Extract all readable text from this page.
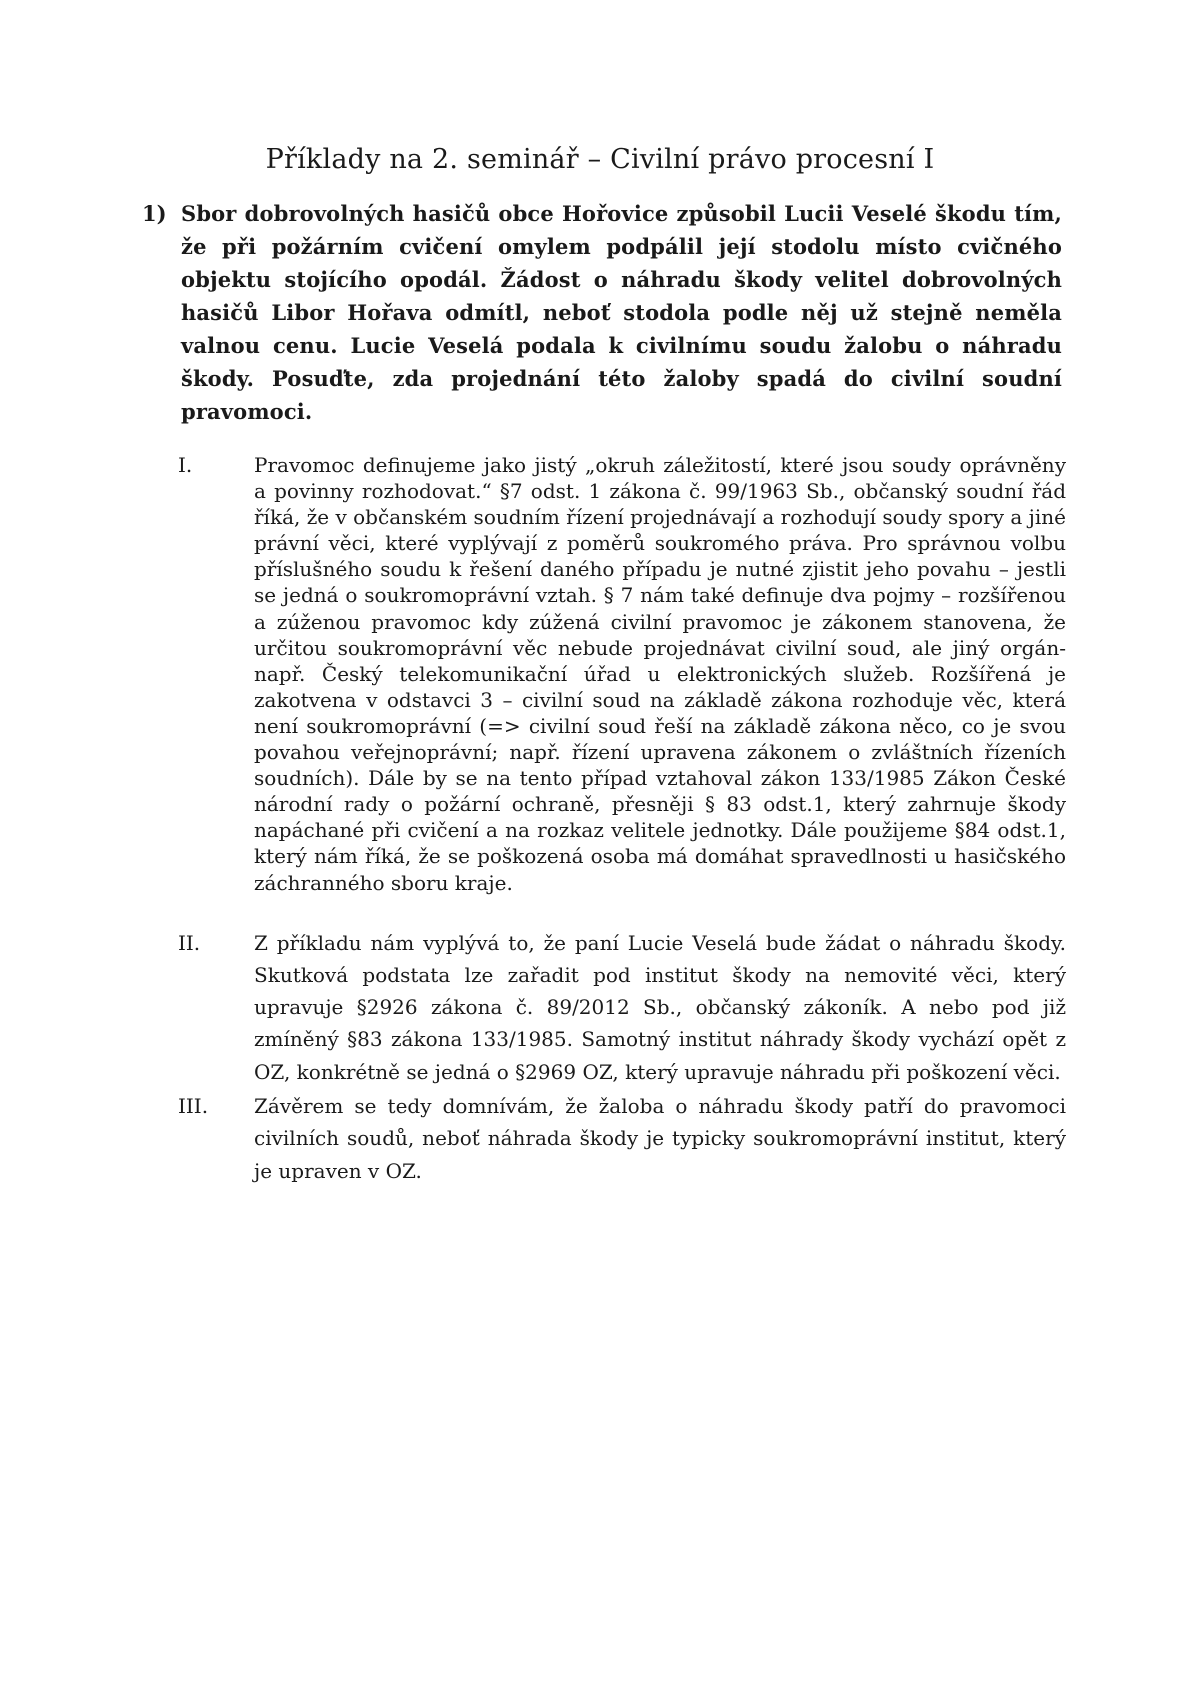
Příklady na 2. seminář – Civilní právo procesní I
1) Sbor dobrovolných hasičů obce Hořovice způsobil Lucii Veselé škodu tím, že při požárním cvičení omylem podpálil její stodolu místo cvičného objektu stojícího opodál. Žádost o náhradu škody velitel dobrovolných hasičů Libor Hořava odmítl, neboť stodola podle něj už stejně neměla valnou cenu. Lucie Veselá podala k civilnímu soudu žalobu o náhradu škody. Posuďte, zda projednání této žaloby spadá do civilní soudní pravomoci.
I.	Pravomoc definujeme jako jistý „okruh záležitostí, které jsou soudy oprávněny a povinny rozhodovat.“ §7 odst. 1 zákona č. 99/1963 Sb., občanský soudní řád říká, že v občanském soudním řízení projednávají a rozhodují soudy spory a jiné právní věci, které vyplývají z poměrů soukromého práva. Pro správnou volbu příslušného soudu k řešení daného případu je nutné zjistit jeho povahu – jestli se jedná o soukromoprávní vztah. § 7 nám také definuje dva pojmy – rozšířenou a zúženou pravomoc kdy zúžená civilní pravomoc je zákonem stanovena, že určitou soukromoprávní věc nebude projednávat civilní soud, ale jiný orgán- např. Český telekomunikační úřad u elektronických služeb. Rozšířená je zakotvena v odstavci 3 – civilní soud na základě zákona rozhoduje věc, která není soukromoprávní (=> civilní soud řeší na základě zákona něco, co je svou povahou veřejnoprávní; např. řízení upravena zákonem o zvláštních řízeních soudních). Dále by se na tento případ vztahoval zákon 133/1985 Zákon České národní rady o požární ochraně, přesněji § 83 odst.1, který zahrnuje škody napáchané při cvičení a na rozkaz velitele jednotky. Dále použijeme §84 odst.1, který nám říká, že se poškozená osoba má domáhat spravedlnosti u hasičského záchranného sboru kraje.
II.	Z příkladu nám vyplývá to, že paní Lucie Veselá bude žádat o náhradu škody. Skutková podstata lze zařadit pod institut škody na nemovité věci, který upravuje §2926 zákona č. 89/2012 Sb., občanský zákoník. A nebo pod již zmíněný §83 zákona 133/1985. Samotný institut náhrady škody vychází opět z OZ, konkrétně se jedná o §2969 OZ, který upravuje náhradu při poškození věci.
III. Závěrem se tedy domnívám, že žaloba o náhradu škody patří do pravomoci civilních soudů, neboť náhrada škody je typicky soukromoprávní institut, který je upraven v OZ.
